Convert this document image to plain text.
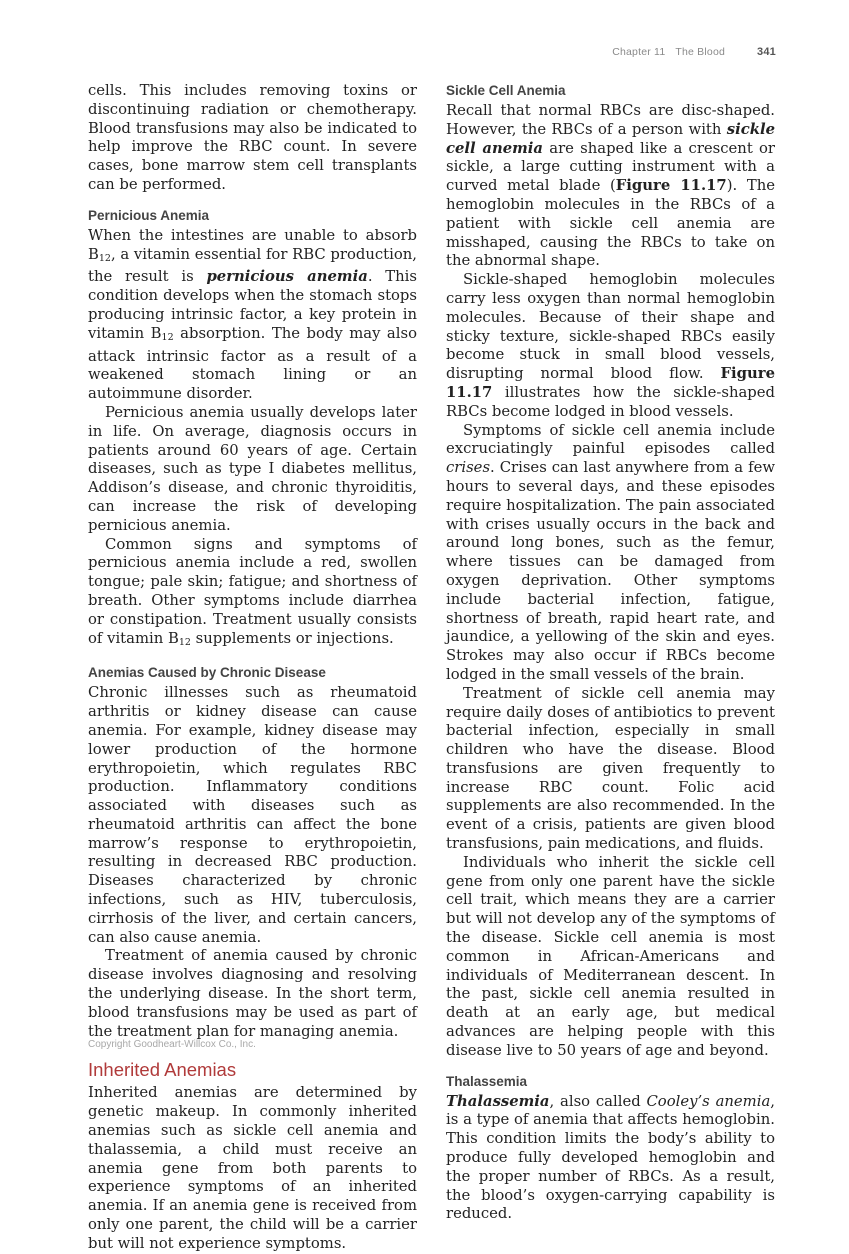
Chapter 11 The Blood	341

cells. This includes removing toxins or discontinuing radiation or chemotherapy. Blood transfusions may also be indicated to help improve the RBC count. In severe cases, bone marrow stem cell transplants can be performed.

Pernicious Anemia

When the intestines are unable to absorb $B_{12}$, a vitamin essential for RBC production, the result is pernicious anemia. This condition develops when the stomach stops producing intrinsic factor, a key protein in vitamin $B_{12}$ absorption. The body may also attack intrinsic factor as a result of a weakened stomach lining or an autoimmune disorder.

Pernicious anemia usually develops later in life. On average, diagnosis occurs in patients around 60 years of age. Certain diseases, such as type I diabetes mellitus, Addison’s disease, and chronic thyroiditis, can increase the risk of developing pernicious anemia.

Common signs and symptoms of pernicious anemia include a red, swollen tongue; pale skin; fatigue; and shortness of breath. Other symptoms include diarrhea or constipation. Treatment usually consists of vitamin $B_{12}$ supplements or injections.

Anemias Caused by Chronic Disease

Chronic illnesses such as rheumatoid arthritis or kidney disease can cause anemia. For example, kidney disease may lower production of the hormone erythropoietin, which regulates RBC production. Inflammatory conditions associated with diseases such as rheumatoid arthritis can affect the bone marrow’s response to erythropoietin, resulting in decreased RBC production. Diseases characterized by chronic infections, such as HIV, tuberculosis, cirrhosis of the liver, and certain cancers, can also cause anemia.

Treatment of anemia caused by chronic disease involves diagnosing and resolving the underlying disease. In the short term, blood transfusions may be used as part of the treatment plan for managing anemia.

Inherited Anemias

Inherited anemias are determined by genetic makeup. In commonly inherited anemias such as sickle cell anemia and thalassemia, a child must receive an anemia gene from both parents to experience symptoms of an inherited anemia. If an anemia gene is received from only one parent, the child will be a carrier but will not experience symptoms.

Sickle Cell Anemia

Recall that normal RBCs are disc-shaped. However, the RBCs of a person with sickle cell anemia are shaped like a crescent or sickle, a large cutting instrument with a curved metal blade (Figure 11.17). The hemoglobin molecules in the RBCs of a patient with sickle cell anemia are misshaped, causing the RBCs to take on the abnormal shape.

Sickle-shaped hemoglobin molecules carry less oxygen than normal hemoglobin molecules. Because of their shape and sticky texture, sickle-shaped RBCs easily become stuck in small blood vessels, disrupting normal blood flow. Figure 11.17 illustrates how the sickle-shaped RBCs become lodged in blood vessels.

Symptoms of sickle cell anemia include excruciatingly painful episodes called crises. Crises can last anywhere from a few hours to several days, and these episodes require hospitalization. The pain associated with crises usually occurs in the back and around long bones, such as the femur, where tissues can be damaged from oxygen deprivation. Other symptoms include bacterial infection, fatigue, shortness of breath, rapid heart rate, and jaundice, a yellowing of the skin and eyes. Strokes may also occur if RBCs become lodged in the small vessels of the brain.

Treatment of sickle cell anemia may require daily doses of antibiotics to prevent bacterial infection, especially in small children who have the disease. Blood transfusions are given frequently to increase RBC count. Folic acid supplements are also recommended. In the event of a crisis, patients are given blood transfusions, pain medications, and fluids.

Individuals who inherit the sickle cell gene from only one parent have the sickle cell trait, which means they are a carrier but will not develop any of the symptoms of the disease. Sickle cell anemia is most common in African-Americans and individuals of Mediterranean descent. In the past, sickle cell anemia resulted in death at an early age, but medical advances are helping people with this disease live to 50 years of age and beyond.

Thalassemia

Thalassemia, also called Cooley’s anemia, is a type of anemia that affects hemoglobin. This condition limits the body’s ability to produce fully developed hemoglobin and the proper number of RBCs. As a result, the blood’s oxygen-carrying capability is reduced.

Copyright Goodheart-Willcox Co., Inc.
